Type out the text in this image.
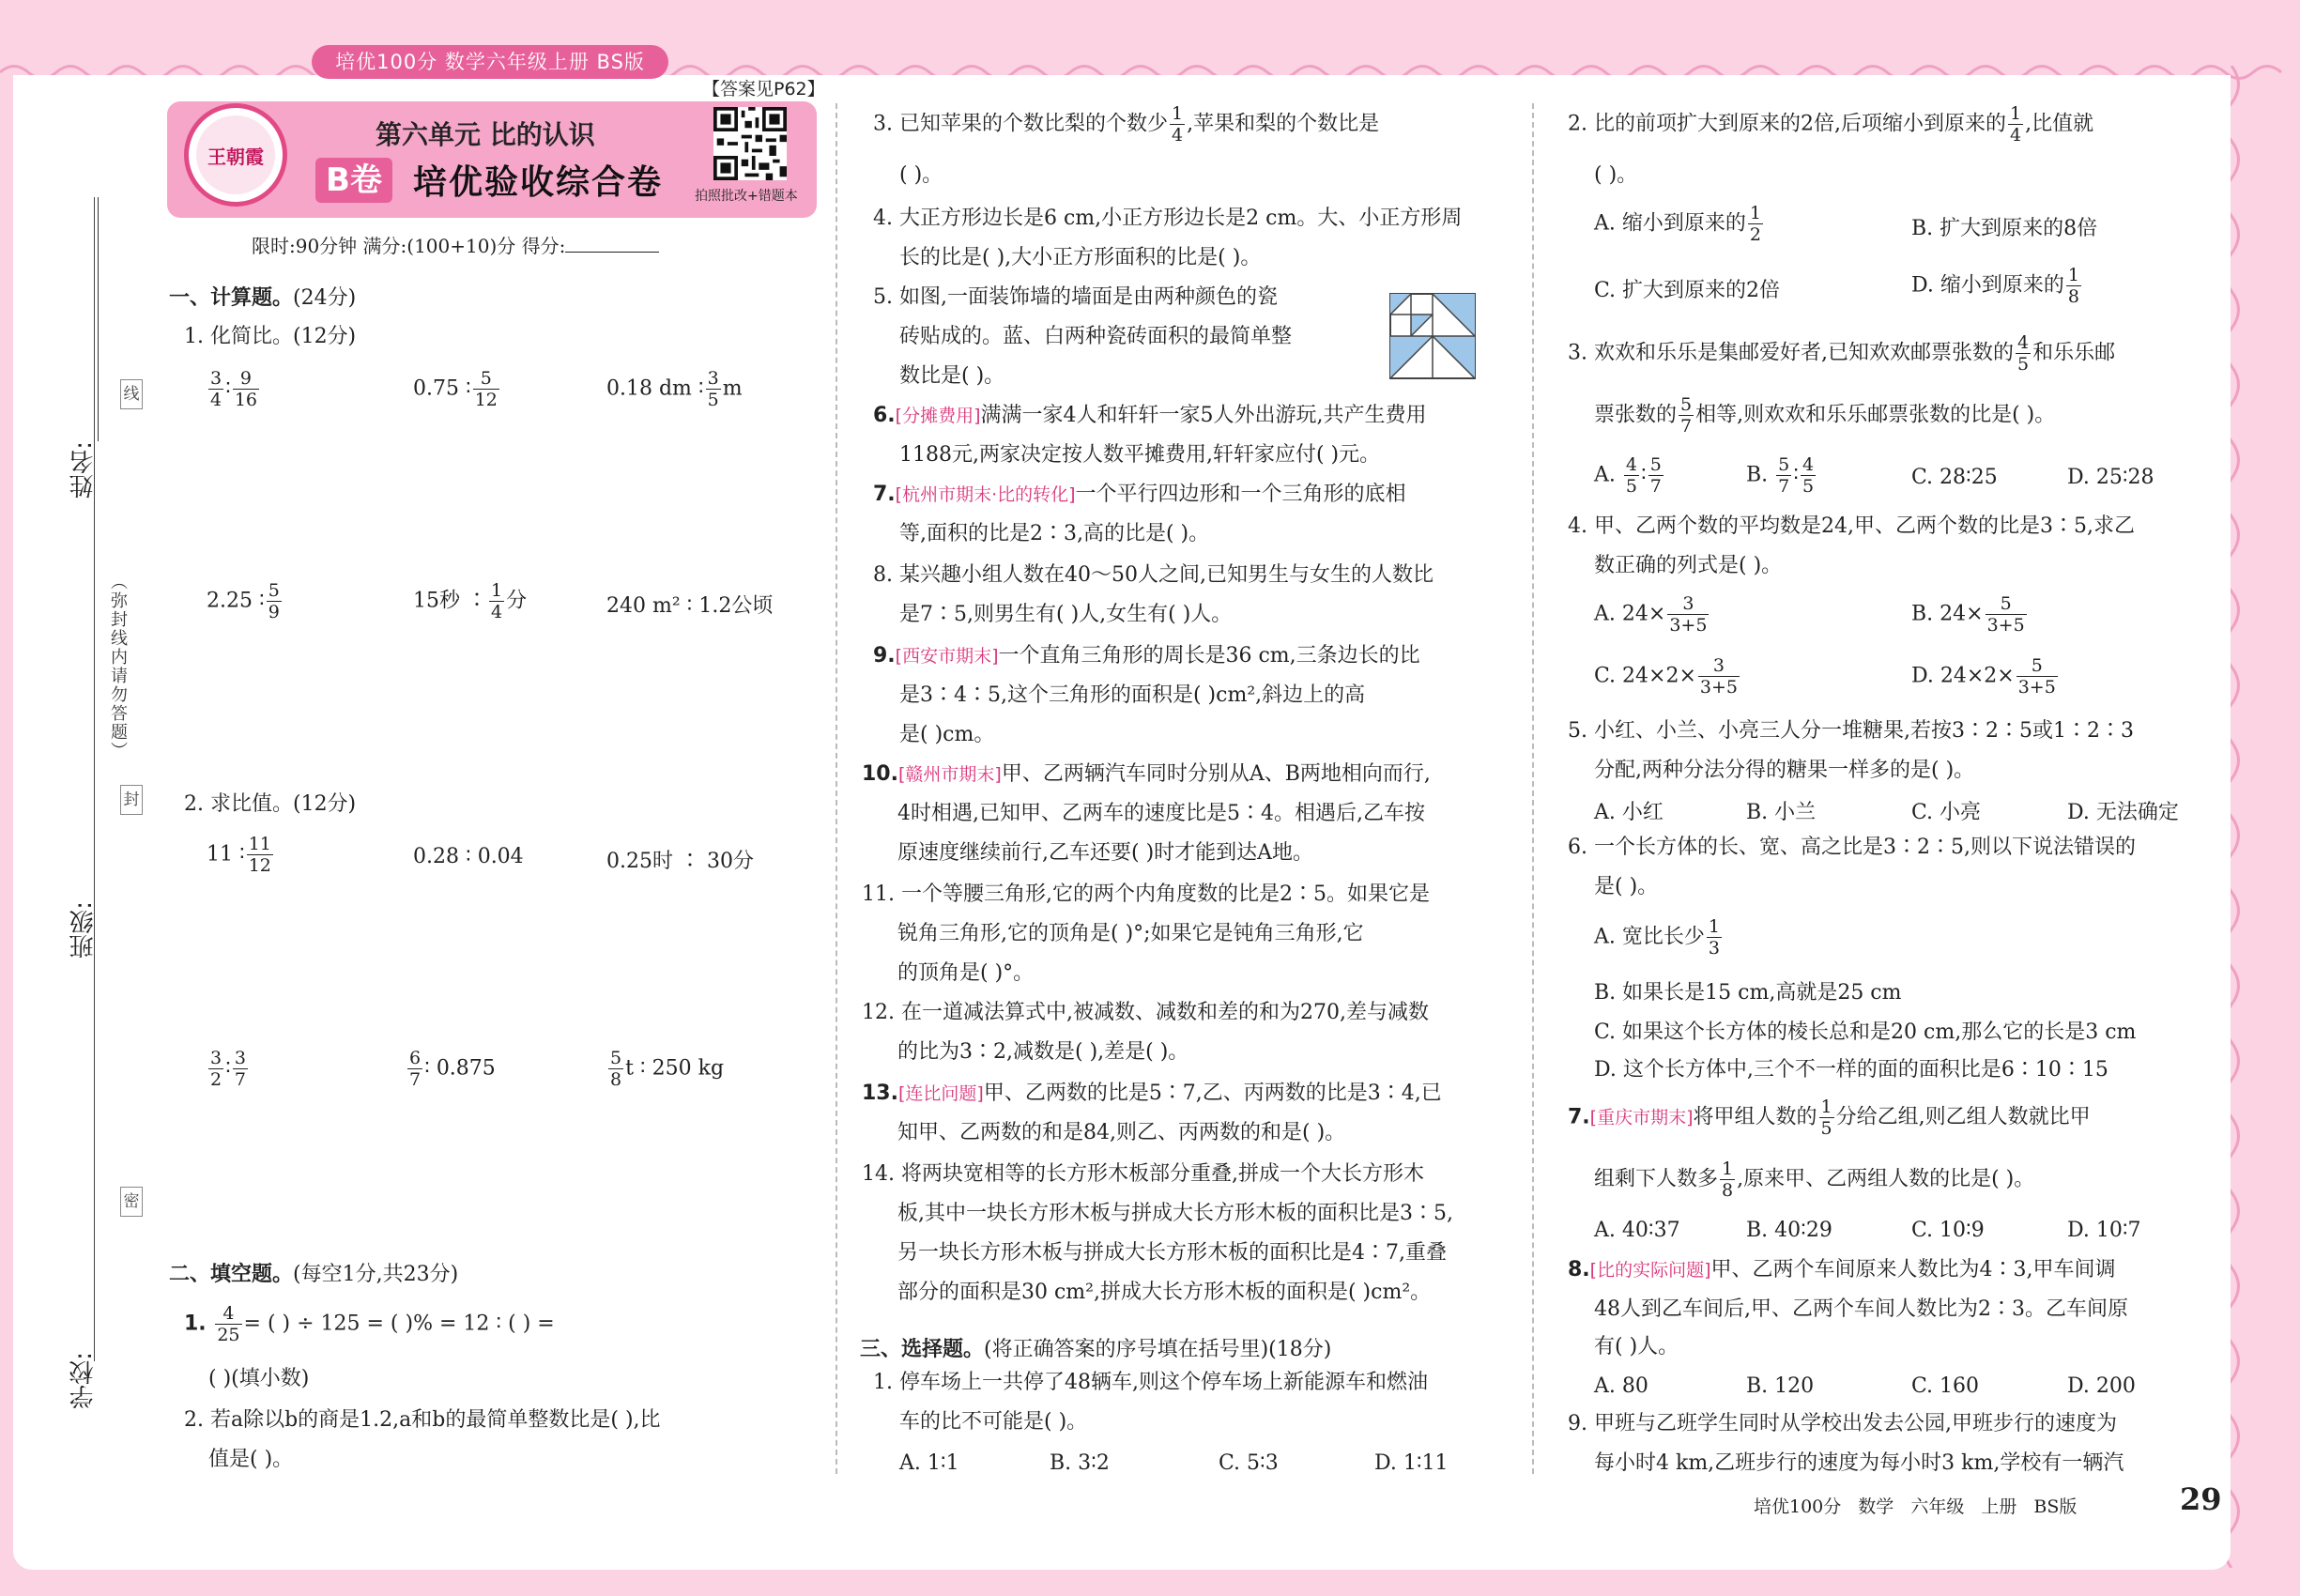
培优100分 数学六年级上册 BS版
【答案见P62】
王朝霞
第六单元 比的认识
B卷 培优验收综合卷 拍照批改+错题本
限时:90分钟 满分:(100+10)分 得分:
姓名:
班级:
学校:
线
封
密
（弥封线内请勿答题）
一、计算题。(24分)
1. 化简比。(12分)
$\frac{3}{4}$ ∶ $\frac{9}{16}$	0.75 ∶ $\frac{5}{12}$	0.18 dm ∶ $\frac{3}{5}$ m
2.25 ∶ $\frac{5}{9}$	15秒 ∶ $\frac{1}{4}$ 分	240 m² ∶ 1.2公顷
2. 求比值。(12分)
11 ∶ $\frac{11}{12}$	0.28 ∶ 0.04	0.25时 ∶ 30分
$\frac{3}{2}$ ∶ $\frac{3}{7}$	$\frac{6}{7}$ ∶ 0.875	$\frac{5}{8}$ t ∶ 250 kg
二、填空题。(每空1分,共23分)
1. $\frac{4}{25}$ = ( ) ÷ 125 = ( )% = 12 ∶ ( ) =
( )(填小数)
2. 若a除以b的商是1.2,a和b的最简单整数比是( ),比
值是( )。
3. 已知苹果的个数比梨的个数少 $\frac{1}{4}$ ,苹果和梨的个数比是
( )。
4. 大正方形边长是6 cm,小正方形边长是2 cm。大、小正方形周
长的比是( ),大小正方形面积的比是( )。
5. 如图,一面装饰墙的墙面是由两种颜色的瓷
砖贴成的。蓝、白两种瓷砖面积的最简单整
数比是( )。
6.[分摊费用]满满一家4人和轩轩一家5人外出游玩,共产生费用
1188元,两家决定按人数平摊费用,轩轩家应付( )元。
7.[杭州市期末·比的转化]一个平行四边形和一个三角形的底相
等,面积的比是2∶3,高的比是( )。
8. 某兴趣小组人数在40～50人之间,已知男生与女生的人数比
是7∶5,则男生有( )人,女生有( )人。
9.[西安市期末]一个直角三角形的周长是36 cm,三条边长的比
是3∶4∶5,这个三角形的面积是( )cm²,斜边上的高
是( )cm。
10.[赣州市期末]甲、乙两辆汽车同时分别从A、B两地相向而行,
4时相遇,已知甲、乙两车的速度比是5∶4。相遇后,乙车按
原速度继续前行,乙车还要( )时才能到达A地。
11. 一个等腰三角形,它的两个内角度数的比是2∶5。如果它是
锐角三角形,它的顶角是( )°;如果它是钝角三角形,它
的顶角是( )°。
12. 在一道减法算式中,被减数、减数和差的和为270,差与减数
的比为3∶2,减数是( ),差是( )。
13.[连比问题]甲、乙两数的比是5∶7,乙、丙两数的比是3∶4,已
知甲、乙两数的和是84,则乙、丙两数的和是( )。
14. 将两块宽相等的长方形木板部分重叠,拼成一个大长方形木
板,其中一块长方形木板与拼成大长方形木板的面积比是3∶5,
另一块长方形木板与拼成大长方形木板的面积比是4∶7,重叠
部分的面积是30 cm²,拼成大长方形木板的面积是( )cm²。
三、选择题。(将正确答案的序号填在括号里)(18分)
1. 停车场上一共停了48辆车,则这个停车场上新能源车和燃油
车的比不可能是( )。
A. 1∶1	B. 3∶2	C. 5∶3	D. 1∶11
2. 比的前项扩大到原来的2倍,后项缩小到原来的 $\frac{1}{4}$ ,比值就
( )。
A. 缩小到原来的 $\frac{1}{2}$	B. 扩大到原来的8倍
C. 扩大到原来的2倍	D. 缩小到原来的 $\frac{1}{8}$
3. 欢欢和乐乐是集邮爱好者,已知欢欢邮票张数的 $\frac{4}{5}$ 和乐乐邮
票张数的 $\frac{5}{7}$ 相等,则欢欢和乐乐邮票张数的比是( )。
A. $\frac{4}{5}$ ∶ $\frac{5}{7}$	B. $\frac{5}{7}$ ∶ $\frac{4}{5}$	C. 28∶25	D. 25∶28
4. 甲、乙两个数的平均数是24,甲、乙两个数的比是3∶5,求乙
数正确的列式是( )。
A. $24\times \frac{3}{3+5}$	B. $24\times \frac{5}{3+5}$
C. $24\times 2\times \frac{3}{3+5}$	D. $24\times 2\times \frac{5}{3+5}$
5. 小红、小兰、小亮三人分一堆糖果,若按3∶2∶5或1∶2∶3
分配,两种分法分得的糖果一样多的是( )。
A. 小红	B. 小兰	C. 小亮	D. 无法确定
6. 一个长方体的长、宽、高之比是3∶2∶5,则以下说法错误的
是( )。
A. 宽比长少 $\frac{1}{3}$
B. 如果长是15 cm,高就是25 cm
C. 如果这个长方体的棱长总和是20 cm,那么它的长是3 cm
D. 这个长方体中,三个不一样的面的面积比是6∶10∶15
7.[重庆市期末]将甲组人数的 $\frac{1}{5}$ 分给乙组,则乙组人数就比甲
组剩下人数多 $\frac{1}{8}$ ,原来甲、乙两组人数的比是( )。
A. 40∶37	B. 40∶29	C. 10∶9	D. 10∶7
8.[比的实际问题]甲、乙两个车间原来人数比为4∶3,甲车间调
48人到乙车间后,甲、乙两个车间人数比为2∶3。乙车间原
有( )人。
A. 80	B. 120	C. 160	D. 200
9. 甲班与乙班学生同时从学校出发去公园,甲班步行的速度为
每小时4 km,乙班步行的速度为每小时3 km,学校有一辆汽
培优100分 数学 六年级 上册 BS版	29
